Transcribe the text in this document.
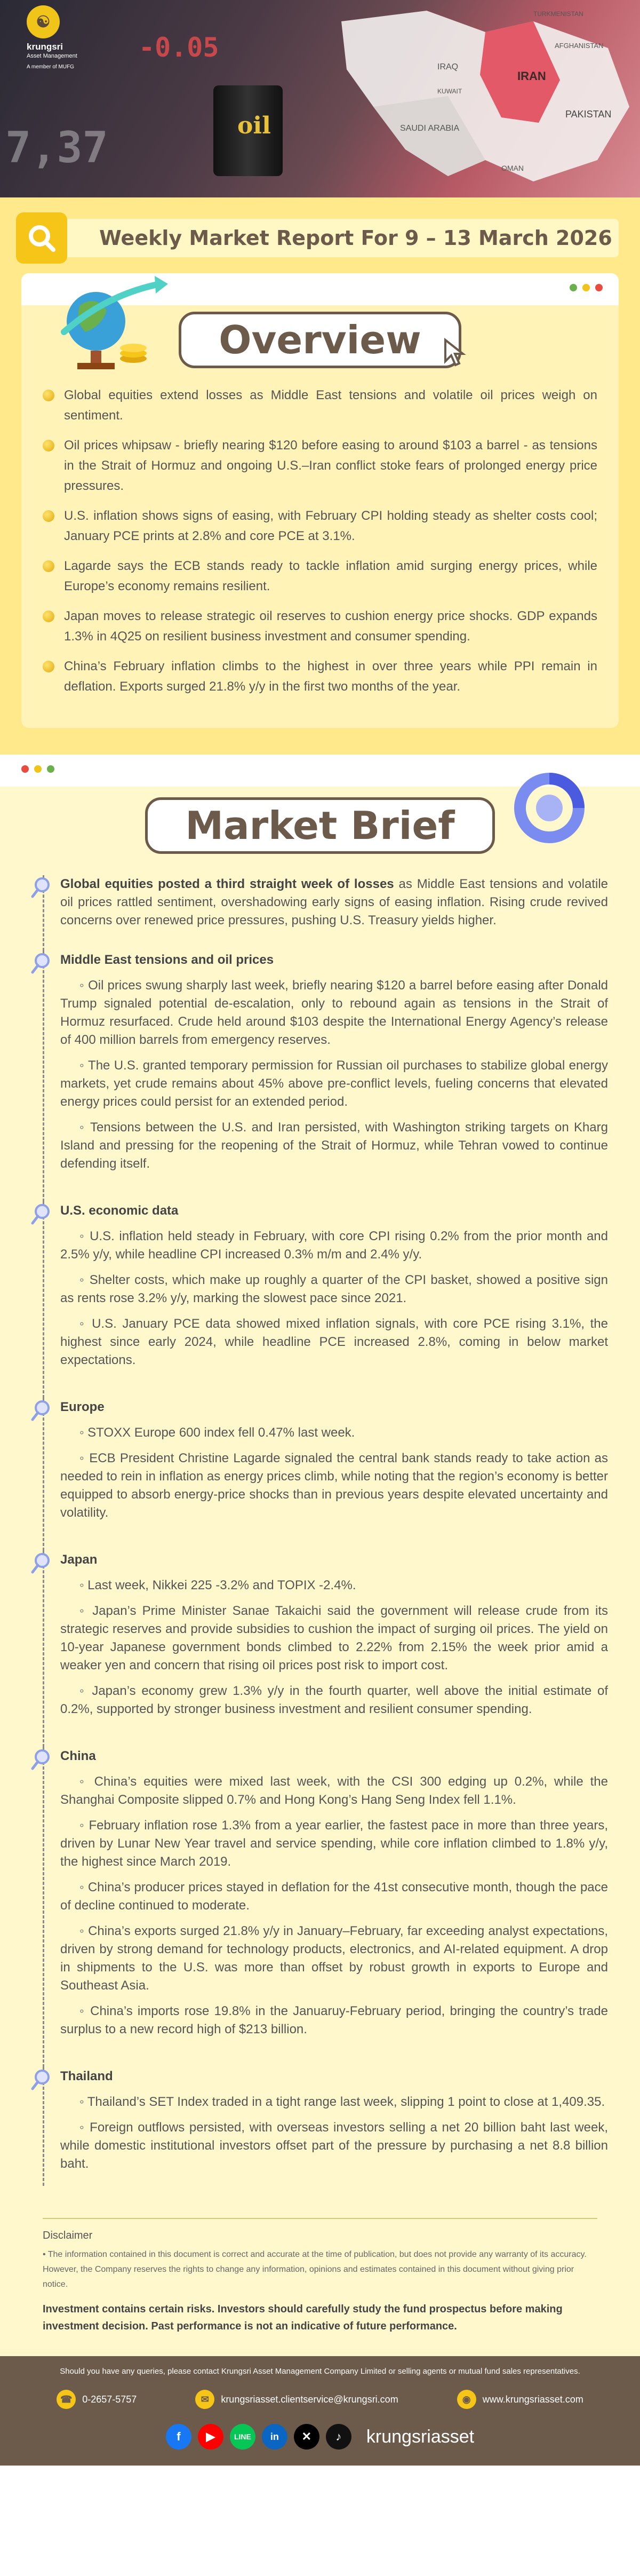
IRAN
IRAQ
KUWAIT
SAUDI ARABIA
PAKISTAN
AFGHANISTAN
OMAN
TURKMENISTAN
-0.05
7,37	oil
☯
krungsri
Asset Management
A member of MUFG
Weekly Market Report For 9 – 13 March 2026
Overview
Global equities extend losses as Middle East tensions and volatile oil prices weigh on sentiment.
Oil prices whipsaw - briefly nearing $120 before easing to around $103 a barrel - as tensions in the Strait of Hormuz and ongoing U.S.–Iran conflict stoke fears of prolonged energy price pressures.
U.S. inflation shows signs of easing, with February CPI holding steady as shelter costs cool; January PCE prints at 2.8% and core PCE at 3.1%.
Lagarde says the ECB stands ready to tackle inflation amid surging energy prices, while Europe’s economy remains resilient.
Japan moves to release strategic oil reserves to cushion energy price shocks. GDP expands 1.3% in 4Q25 on resilient business investment and consumer spending.
China’s February inflation climbs to the highest in over three years while PPI remain in deflation. Exports surged 21.8% y/y in the first two months of the year.
Market Brief
Global equities posted a third straight week of losses as Middle East tensions and volatile oil prices rattled sentiment, overshadowing early signs of easing inflation. Rising crude revived concerns over renewed price pressures, pushing U.S. Treasury yields higher.
Middle East tensions and oil prices
◦ Oil prices swung sharply last week, briefly nearing $120 a barrel before easing after Donald Trump signaled potential de-escalation, only to rebound again as tensions in the Strait of Hormuz resurfaced. Crude held around $103 despite the International Energy Agency’s release of 400 million barrels from emergency reserves.
◦ The U.S. granted temporary permission for Russian oil purchases to stabilize global energy markets, yet crude remains about 45% above pre-conflict levels, fueling concerns that elevated energy prices could persist for an extended period.
◦ Tensions between the U.S. and Iran persisted, with Washington striking targets on Kharg Island and pressing for the reopening of the Strait of Hormuz, while Tehran vowed to continue defending itself.
U.S. economic data
◦ U.S. inflation held steady in February, with core CPI rising 0.2% from the prior month and 2.5% y/y, while headline CPI increased 0.3% m/m and 2.4% y/y.
◦ Shelter costs, which make up roughly a quarter of the CPI basket, showed a positive sign as rents rose 3.2% y/y, marking the slowest pace since 2021.
◦ U.S. January PCE data showed mixed inflation signals, with core PCE rising 3.1%, the highest since early 2024, while headline PCE increased 2.8%, coming in below market expectations.
Europe
◦ STOXX Europe 600 index fell 0.47% last week.
◦ ECB President Christine Lagarde signaled the central bank stands ready to take action as needed to rein in inflation as energy prices climb, while noting that the region’s economy is better equipped to absorb energy-price shocks than in previous years despite elevated uncertainty and volatility.
Japan
◦ Last week, Nikkei 225 -3.2% and TOPIX -2.4%.
◦ Japan’s Prime Minister Sanae Takaichi said the government will release crude from its strategic reserves and provide subsidies to cushion the impact of surging oil prices. The yield on 10-year Japanese government bonds climbed to 2.22% from 2.15% the week prior amid a weaker yen and concern that rising oil prices post risk to import cost.
◦ Japan’s economy grew 1.3% y/y in the fourth quarter, well above the initial estimate of 0.2%, supported by stronger business investment and resilient consumer spending.
China
◦ China’s equities were mixed last week, with the CSI 300 edging up 0.2%, while the Shanghai Composite slipped 0.7% and Hong Kong’s Hang Seng Index fell 1.1%.
◦ February inflation rose 1.3% from a year earlier, the fastest pace in more than three years, driven by Lunar New Year travel and service spending, while core inflation climbed to 1.8% y/y, the highest since March 2019.
◦ China’s producer prices stayed in deflation for the 41st consecutive month, though the pace of decline continued to moderate.
◦ China’s exports surged 21.8% y/y in January–February, far exceeding analyst expectations, driven by strong demand for technology products, electronics, and AI-related equipment. A drop in shipments to the U.S. was more than offset by robust growth in exports to Europe and Southeast Asia.
◦ China’s imports rose 19.8% in the Januaruy-February period, bringing the country’s trade surplus to a new record high of $213 billion.
Thailand
◦ Thailand’s SET Index traded in a tight range last week, slipping 1 point to close at 1,409.35.
◦ Foreign outflows persisted, with overseas investors selling a net 20 billion baht last week, while domestic institutional investors offset part of the pressure by purchasing a net 8.8 billion baht.
Disclaimer
• The information contained in this document is correct and accurate at the time of publication, but does not provide any warranty of its accuracy. However, the Company reserves the rights to change any information, opinions and estimates contained in this document without giving prior notice.
Investment contains certain risks. Investors should carefully study the fund prospectus before making investment decision. Past performance is not an indicative of future performance.
Should you have any queries, please contact Krungsri Asset Management Company Limited or selling agents or mutual fund sales representatives.
☎	0-2657-5757	✉	krungsriasset.clientservice@krungsri.com	◉	www.krungsriasset.com
f	▶	LINE	in	✕	♪	krungsriasset
